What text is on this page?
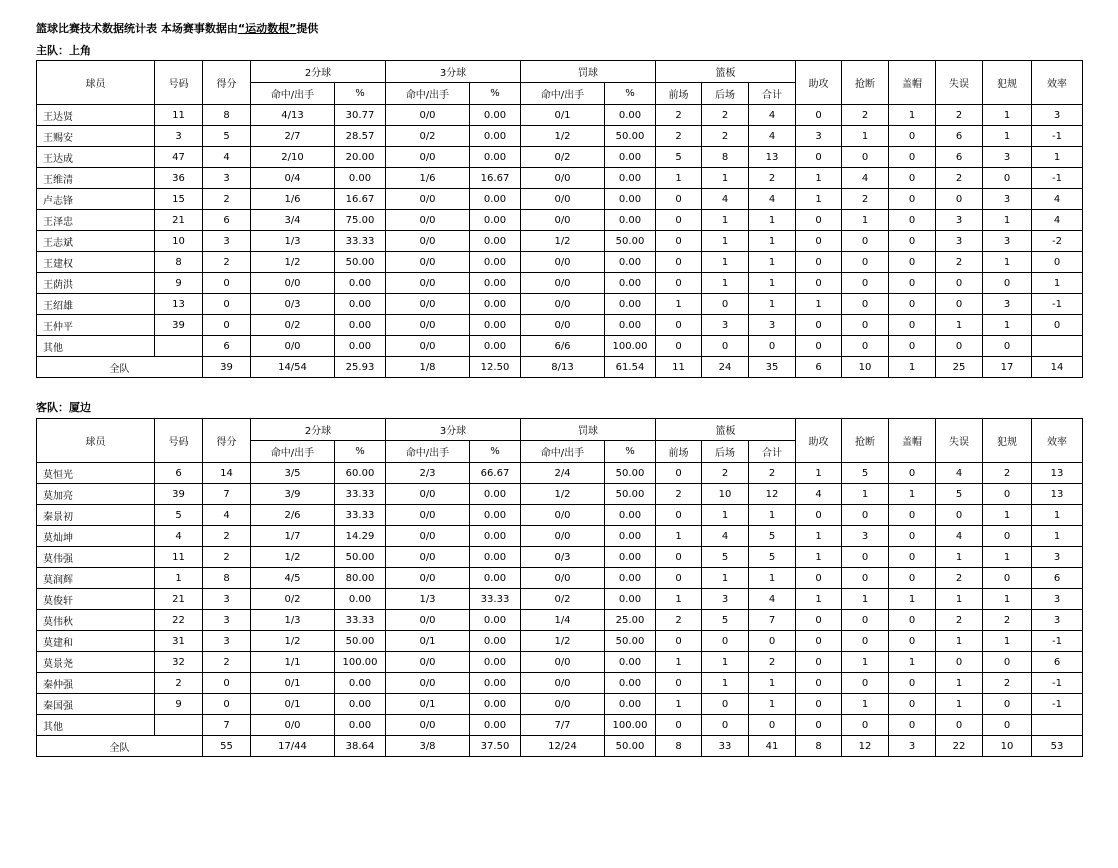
篮球比赛技术数据统计表 本场赛事数据由“运动数根”提供
主队：上角
球员	号码	得分	2分球		3分球		罚球		篮板			助攻	抢断	盖帽	失误	犯规	效率
			命中/出手	%	命中/出手	%	命中/出手	%	前场	后场	合计						
王达贤	11	8	4/13	30.77	0/0	0.00	0/1	0.00	2	2	4	0	2	1	2	1	3
王赐安	3	5	2/7	28.57	0/2	0.00	1/2	50.00	2	2	4	3	1	0	6	1	-1
王达成	47	4	2/10	20.00	0/0	0.00	0/2	0.00	5	8	13	0	0	0	6	3	1
王维清	36	3	0/4	0.00	1/6	16.67	0/0	0.00	1	1	2	1	4	0	2	0	-1
卢志锋	15	2	1/6	16.67	0/0	0.00	0/0	0.00	0	4	4	1	2	0	0	3	4
王泽忠	21	6	3/4	75.00	0/0	0.00	0/0	0.00	0	1	1	0	1	0	3	1	4
王志斌	10	3	1/3	33.33	0/0	0.00	1/2	50.00	0	1	1	0	0	0	3	3	-2
王建权	8	2	1/2	50.00	0/0	0.00	0/0	0.00	0	1	1	0	0	0	2	1	0
王荫洪	9	0	0/0	0.00	0/0	0.00	0/0	0.00	0	1	1	0	0	0	0	0	1
王绍雄	13	0	0/3	0.00	0/0	0.00	0/0	0.00	1	0	1	1	0	0	0	3	-1
王仲平	39	0	0/2	0.00	0/0	0.00	0/0	0.00	0	3	3	0	0	0	1	1	0
其他		6	0/0	0.00	0/0	0.00	6/6	100.00	0	0	0	0	0	0	0	0	
全队		39	14/54	25.93	1/8	12.50	8/13	61.54	11	24	35	6	10	1	25	17	14
客队：厦边
球员	号码	得分	2分球		3分球		罚球		篮板			助攻	抢断	盖帽	失误	犯规	效率
			命中/出手	%	命中/出手	%	命中/出手	%	前场	后场	合计						
莫恒光	6	14	3/5	60.00	2/3	66.67	2/4	50.00	0	2	2	1	5	0	4	2	13
莫加亮	39	7	3/9	33.33	0/0	0.00	1/2	50.00	2	10	12	4	1	1	5	0	13
秦景初	5	4	2/6	33.33	0/0	0.00	0/0	0.00	0	1	1	0	0	0	0	1	1
莫灿坤	4	2	1/7	14.29	0/0	0.00	0/0	0.00	1	4	5	1	3	0	4	0	1
莫伟强	11	2	1/2	50.00	0/0	0.00	0/3	0.00	0	5	5	1	0	0	1	1	3
莫润辉	1	8	4/5	80.00	0/0	0.00	0/0	0.00	0	1	1	0	0	0	2	0	6
莫俊轩	21	3	0/2	0.00	1/3	33.33	0/2	0.00	1	3	4	1	1	1	1	1	3
莫伟秋	22	3	1/3	33.33	0/0	0.00	1/4	25.00	2	5	7	0	0	0	2	2	3
莫建和	31	3	1/2	50.00	0/1	0.00	1/2	50.00	0	0	0	0	0	0	1	1	-1
莫景尧	32	2	1/1	100.00	0/0	0.00	0/0	0.00	1	1	2	0	1	1	0	0	6
秦仲强	2	0	0/1	0.00	0/0	0.00	0/0	0.00	0	1	1	0	0	0	1	2	-1
秦国强	9	0	0/1	0.00	0/1	0.00	0/0	0.00	1	0	1	0	1	0	1	0	-1
其他		7	0/0	0.00	0/0	0.00	7/7	100.00	0	0	0	0	0	0	0	0	
全队		55	17/44	38.64	3/8	37.50	12/24	50.00	8	33	41	8	12	3	22	10	53
